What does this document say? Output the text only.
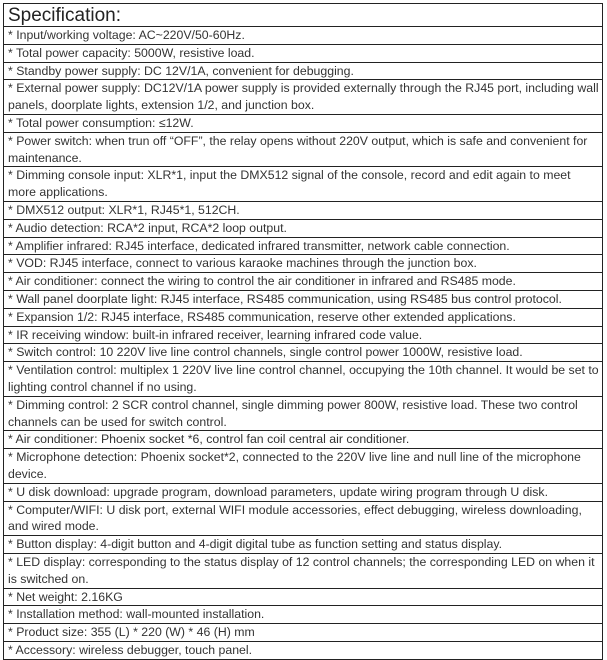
Specification:
* Input/working voltage: AC~220V/50-60Hz.
* Total power capacity: 5000W, resistive load.
* Standby power supply: DC 12V/1A, convenient for debugging.
* External power supply: DC12V/1A power supply is provided externally through the RJ45 port, including wall panels, doorplate lights, extension 1/2, and junction box.
* Total power consumption: ≤12W.
* Power switch: when trun off “OFF”, the relay opens without 220V output, which is safe and convenient for maintenance.
* Dimming console input: XLR*1, input the DMX512 signal of the console, record and edit again to meet more applications.
* DMX512 output: XLR*1, RJ45*1, 512CH.
* Audio detection: RCA*2 input, RCA*2 loop output.
* Amplifier infrared: RJ45 interface, dedicated infrared transmitter, network cable connection.
* VOD: RJ45 interface, connect to various karaoke machines through the junction box.
* Air conditioner: connect the wiring to control the air conditioner in infrared and RS485 mode.
* Wall panel doorplate light: RJ45 interface, RS485 communication, using RS485 bus control protocol.
* Expansion 1/2: RJ45 interface, RS485 communication, reserve other extended applications.
* IR receiving window: built-in infrared receiver, learning infrared code value.
* Switch control: 10 220V live line control channels, single control power 1000W, resistive load.
* Ventilation control: multiplex 1 220V live line control channel, occupying the 10th channel. It would be set to lighting control channel if no using.
* Dimming control: 2 SCR control channel, single dimming power 800W, resistive load. These two control channels can be used for switch control.
* Air conditioner: Phoenix socket *6, control fan coil central air conditioner.
* Microphone detection: Phoenix socket*2, connected to the 220V live line and null line of the microphone device.
* U disk download: upgrade program, download parameters, update wiring program through U disk.
* Computer/WIFI: U disk port, external WIFI module accessories, effect debugging, wireless downloading, and wired mode.
* Button display: 4-digit button and 4-digit digital tube as function setting and status display.
* LED display: corresponding to the status display of 12 control channels; the corresponding LED on when it is switched on.
* Net weight: 2.16KG
* Installation method: wall-mounted installation.
* Product size: 355 (L) * 220 (W) * 46 (H) mm
* Accessory: wireless debugger, touch panel.
